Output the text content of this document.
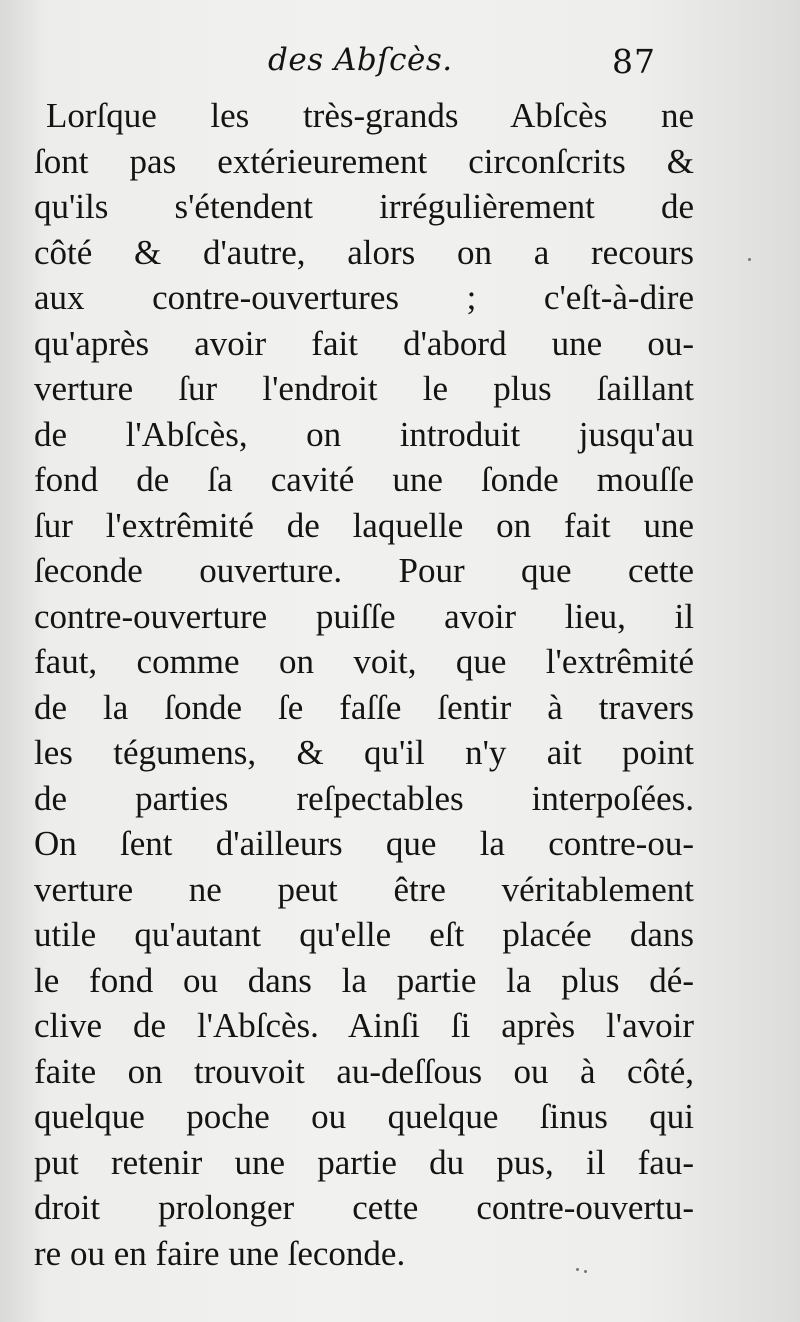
des Abſcès.	87
Lorſque les très-grands Abſcès ne
ſont pas extérieurement circonſcrits &
qu'ils s'étendent irrégulièrement de
côté & d'autre, alors on a recours
aux contre-ouvertures ; c'eſt-à-dire
qu'après avoir fait d'abord une ou-
verture ſur l'endroit le plus ſaillant
de l'Abſcès, on introduit jusqu'au
fond de ſa cavité une ſonde mouſſe
ſur l'extrêmité de laquelle on fait une
ſeconde ouverture. Pour que cette
contre-ouverture puiſſe avoir lieu, il
faut, comme on voit, que l'extrêmité
de la ſonde ſe faſſe ſentir à travers
les tégumens, & qu'il n'y ait point
de parties reſpectables interpoſées.
On ſent d'ailleurs que la contre-ou-
verture ne peut être véritablement
utile qu'autant qu'elle eſt placée dans
le fond ou dans la partie la plus dé-
clive de l'Abſcès. Ainſi ſi après l'avoir
faite on trouvoit au-deſſous ou à côté,
quelque poche ou quelque ſinus qui
put retenir une partie du pus, il fau-
droit prolonger cette contre-ouvertu-
re ou en faire une ſeconde.
